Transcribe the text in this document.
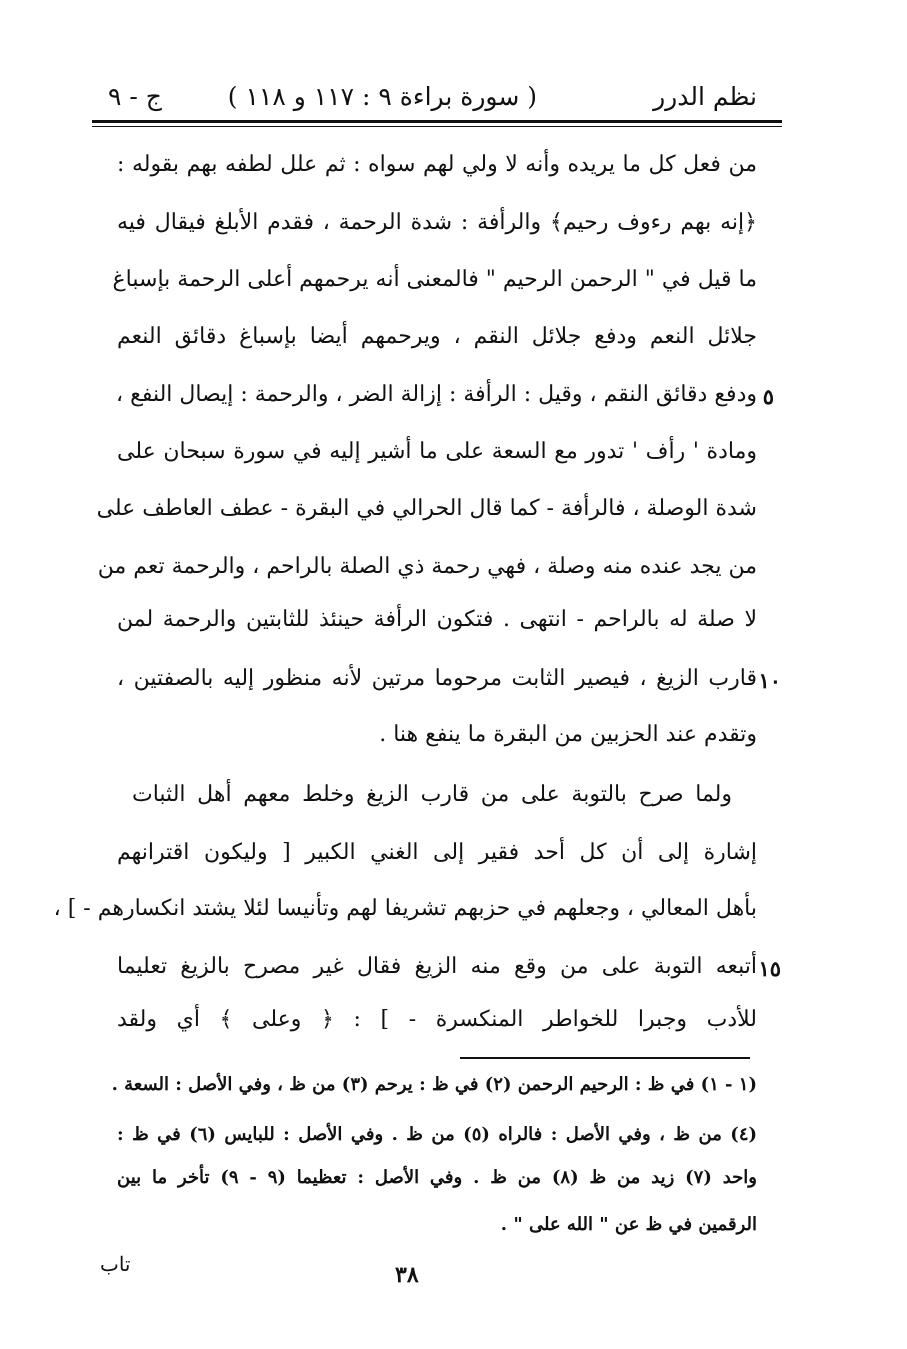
نظم الدرر
( سورة براءة ٩ : ١١٧ و ١١٨ )
ج - ٩
من فعل كل ما يريده وأنه لا ولي لهم سواه : ثم علل لطفه بهم بقوله :
﴿إنه بهم رءوف رحيم﴾ والرأفة : شدة الرحمة ، فقدم الأبلغ فيقال فيه
ما قيل في " الرحمن الرحيم " فالمعنى أنه يرحمهم أعلى الرحمة بإسباغ
جلائل النعم ودفع جلائل النقم ، ويرحمهم أيضا بإسباغ دقائق النعم
ودفع دقائق النقم ، وقيل : الرأفة : إزالة الضر ، والرحمة : إيصال النفع ، ٥
ومادة ' رأف ' تدور مع السعة على ما أشير إليه في سورة سبحان على
شدة الوصلة ، فالرأفة - كما قال الحرالي في البقرة - عطف العاطف على
من يجد عنده منه وصلة ، فهي رحمة ذي الصلة بالراحم ، والرحمة تعم من
لا صلة له بالراحم - انتهى . فتكون الرأفة حينئذ للثابتين والرحمة لمن
قارب الزيغ ، فيصير الثابت مرحوما مرتين لأنه منظور إليه بالصفتين ، ١٠
وتقدم عند الحزبين من البقرة ما ينفع هنا .
ولما صرح بالتوبة على من قارب الزيغ وخلط معهم أهل الثبات
إشارة إلى أن كل أحد فقير إلى الغني الكبير [ وليكون اقترانهم
بأهل المعالي ، وجعلهم في حزبهم تشريفا لهم وتأنيسا لئلا يشتد انكسارهم - ] ،
أتبعه التوبة على من وقع منه الزيغ فقال غير مصرح بالزيغ تعليما ١٥
للأدب وجبرا للخواطر المنكسرة - ] : ﴿ وعلى ﴾ أي ولقد
(١ - ١) في ظ : الرحيم الرحمن (٢) في ظ : يرحم (٣) من ظ ، وفي الأصل : السعة .
(٤) من ظ ، وفي الأصل : فالراه (٥) من ظ . وفي الأصل : للبايس (٦) في ظ :
واحد (٧) زيد من ظ (٨) من ظ . وفي الأصل : تعظيما (٩ - ٩) تأخر ما بين
الرقمين في ظ عن " الله على " .
تاب	٣٨
